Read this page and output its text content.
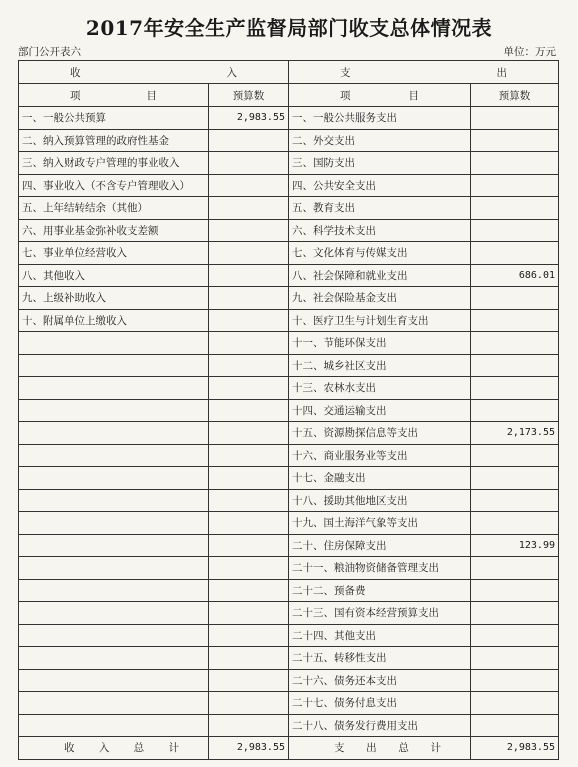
2017年安全生产监督局部门收支总体情况表
部门公开表六	单位：万元
收 入		支 出	

项 目	预算数	项 目	预算数
一、一般公共预算	2,983.55	一、一般公共服务支出	
二、纳入预算管理的政府性基金		二、外交支出	
三、纳入财政专户管理的事业收入		三、国防支出	
四、事业收入（不含专户管理收入）		四、公共安全支出	
五、上年结转结余（其他）		五、教育支出	
六、用事业基金弥补收支差额		六、科学技术支出	
七、事业单位经营收入		七、文化体育与传媒支出	
八、其他收入		八、社会保障和就业支出	686.01
九、上级补助收入		九、社会保险基金支出	
十、附属单位上缴收入		十、医疗卫生与计划生育支出	
		十一、节能环保支出	
		十二、城乡社区支出	
		十三、农林水支出	
		十四、交通运输支出	
		十五、资源勘探信息等支出	2,173.55
		十六、商业服务业等支出	
		十七、金融支出	
		十八、援助其他地区支出	
		十九、国土海洋气象等支出	
		二十、住房保障支出	123.99
		二十一、粮油物资储备管理支出	
		二十二、预备费	
		二十三、国有资本经营预算支出	
		二十四、其他支出	
		二十五、转移性支出	
		二十六、债务还本支出	
		二十七、债务付息支出	
		二十八、债务发行费用支出	

收 入 总 计	2,983.55	支 出 总 计	2,983.55
